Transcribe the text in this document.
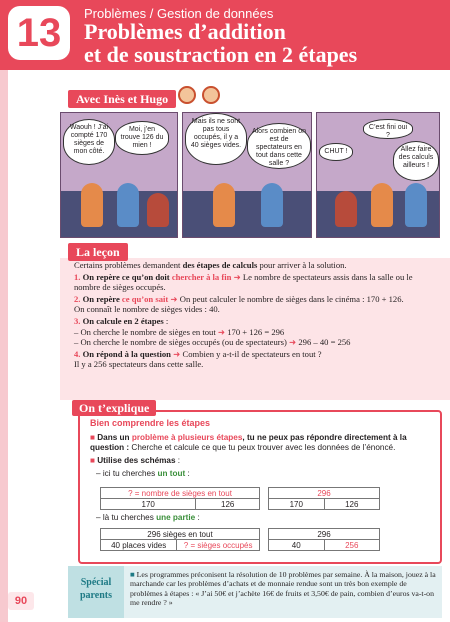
13	Problèmes / Gestion de données
Problèmes d’addition
et de soustraction en 2 étapes
90
Avec Inès et Hugo

Waouh ! J’ai compté 170 sièges de mon côté.
Moi, j’en trouve 126 du mien !
Mais ils ne sont pas tous occupés, il y a 40 sièges vides.
Alors combien on est de spectateurs en tout dans cette salle ?
C’est fini oui ?
CHUT !	Allez faire des calculs ailleurs !
La leçon

Certains problèmes demandent des étapes de calculs pour arriver à la solution.

1. On repère ce qu’on doit chercher à la fin ➜ Le nombre de spectateurs assis dans la salle ou le nombre de sièges occupés.

2. On repère ce qu’on sait ➜ On peut calculer le nombre de sièges dans le cinéma : 170 + 126.
On connaît le nombre de sièges vides : 40.

3. On calcule en 2 étapes :
– On cherche le nombre de sièges en tout ➜ 170 + 126 = 296
– On cherche le nombre de sièges occupés (ou de spectateurs) ➜ 296 – 40 = 256

4. On répond à la question ➜ Combien y a-t-il de spectateurs en tout ?
Il y a 256 spectateurs dans cette salle.

On t’explique
Bien comprendre les étapes
■ Dans un problème à plusieurs étapes, tu ne peux pas répondre directement à la question : Cherche et calcule ce que tu peux trouver avec les données de l’énoncé.
■ Utilise des schémas :
– ici tu cherches un tout :
– là tu cherches une partie :
? = nombre de sièges en tout
170	126
296
170	126
296 sièges en tout
40 places vides	? = sièges occupés
296
40	256
Spécial
parents
■ Les programmes préconisent la résolution de 10 problèmes par semaine. À la maison, jouez à la marchande car les problèmes d’achats et de monnaie rendue sont un très bon exemple de problèmes à étapes : « J’ai 50€ et j’achète 16€ de fruits et 3,50€ de pain, combien d’euros va-t-on me rendre ? »
